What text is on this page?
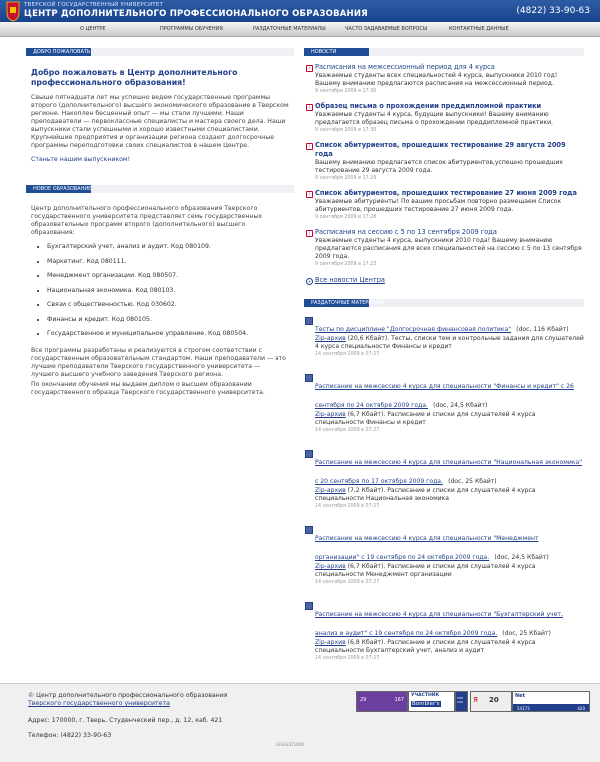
ТВЕРСКОЙ ГОСУДАРСТВЕННЫЙ УНИВЕРСИТЕТ
ЦЕНТР ДОПОЛНИТЕЛЬНОГО ПРОФЕССИОНАЛЬНОГО ОБРАЗОВАНИЯ	(4822) 33-90-63
О ЦЕНТРЕ	ПРОГРАММЫ ОБУЧЕНИЯ	РАЗДАТОЧНЫЕ МАТЕРИАЛЫ	ЧАСТО ЗАДАВАЕМЫЕ ВОПРОСЫ	КОНТАКТНЫЕ ДАННЫЕ
ДОБРО ПОЖАЛОВАТЬ
Добро пожаловать в Центр дополнительного профессионального образования!
Свыше пятнадцати лет мы успешно ведем государственные программы второго (дополнительного) высшего экономического образование в Тверском регионе. Накоплен бесценный опыт — мы стали лучшими. Наши преподаватели — первоклассные специалисты и мастера своего дела. Наши выпускники стали успешными и хорошо известными специалистами. Крупнейшие предприятия и организации региона создают долгосрочные программы переподготовки своих специалистов в нашем Центре.
Станьте нашим выпускником!
НОВОЕ ОБРАЗОВАНИЕ
Центр дополнительного профессионального образования Тверского государственного университета представляет семь государственных образовательных программ второго (дополнительного) высшего образования:
Бухгалтерский учет, анализ и аудит. Код 080109.
Маркетинг. Код 080111.
Менеджмент организации. Код 080507.
Национальная экономика. Код 080103.
Связи с общественностью. Код 030602.
Финансы и кредит. Код 080105.
Государственное и муниципальное управление. Код 080504.
Все программы разработаны и реализуются в строгом соответствии с государственным образовательным стандартом. Наши преподаватели — это лучшие преподаватели Тверского государственного университета — лучшего высшего учебного заведения Тверского региона.
По окончании обучения мы выдаем диплом о высшем образовании государственного образца Тверского государственного университета.
НОВОСТИ
! Расписания на межсессионный период для 4 курса
Уважаемые студенты всех специальностей 4 курса, выпускники 2010 год! Вашему вниманию предлагаются расписания на межсессионный период.
9 сентября 2009 в 17:30
! Образец письма о прохождении преддипломной практики
Уважаемые студенты 4 курса, будущие выпускники! Вашему вниманию предлагается образец письма о прохождении преддипломной практики.
9 сентября 2009 в 17:30
! Список абитуриентов, прошедших тестирование 29 августа 2009 года
Вашему вниманию предлагается список абитуриентов,успешно прошедших тестирование 29 августа 2009 года.
9 сентября 2009 в 17:29
! Список абитуриентов, прошедших тестирование 27 июня 2009 года
Уважаемые абитуриенты! По вашим просьбам повторно размещаем Список абитуриентов, прошедших тестирование 27 июня 2009 года.
9 сентября 2009 в 17:28
! Расписания на сессию с 5 по 13 сентября 2009 года
Уважаемые студенты 4 курса, выпускники 2010 года! Вашему вниманию предлагаются расписания для всех специальностей на сессию с 5 по 13 сентября 2009 года.
9 сентября 2009 в 17:23
+ Все новости Центра
РАЗДАТОЧНЫЕ МАТЕРИАЛЫ
Тесты по дисциплине "Долгосрочная финансовая политика" (doc, 116 Кбайт)
Zip-архив (20,6 Кбайт). Тесты, списки тем и контрольные задания для слушателей 4 курса специальности Финансы и кредит
14 сентября 2009 в 07:27
Расписание на межсессию 4 курса для специальности "Финансы и кредит" с 26 сентября по 24 октября 2009 года. (doc, 24,5 Кбайт)
Zip-архив (6,7 Кбайт). Расписание и списки для слушателей 4 курса специальности Финансы и кредит
14 сентября 2009 в 07:27
Расписание на межсессию 4 курса для специальности "Национальная экономика" с 20 сентября по 17 октября 2009 года. (doc, 25 Кбайт)
Zip-архив (7,2 Кбайт). Расписание и списки для слушателей 4 курса специальности Национальная экономика
14 сентября 2009 в 07:27
Расписание на межсессию 4 курса для специальности "Менеджмент организации" с 19 сентября по 24 октября 2009 года. (doc, 24,5 Кбайт)
Zip-архив (6,7 Кбайт). Расписание и списки для слушателей 4 курса специальности Менеджмент организации
14 сентября 2009 в 07:27
Расписание на межсессию 4 курса для специальности "Бухгалтерский учет, анализ и аудит" с 19 сентября по 24 октября 2009 года. (doc, 25 Кбайт)
Zip-архив (6,8 Кбайт). Расписание и списки для слушателей 4 курса специальности Бухгалтерский учет, анализ и аудит
14 сентября 2009 в 07:27
© Центр дополнительного профессионального образования
Тверского государственного университета
Адрес: 170000, г. Тверь, Студенческий пер., д. 12, каб. 421
Телефон: (4822) 33-90-63
LEGALSTUDIO
29	167
УЧАСТНИК
Bombler's
TOP 100	Я 20	Net
54173	420
